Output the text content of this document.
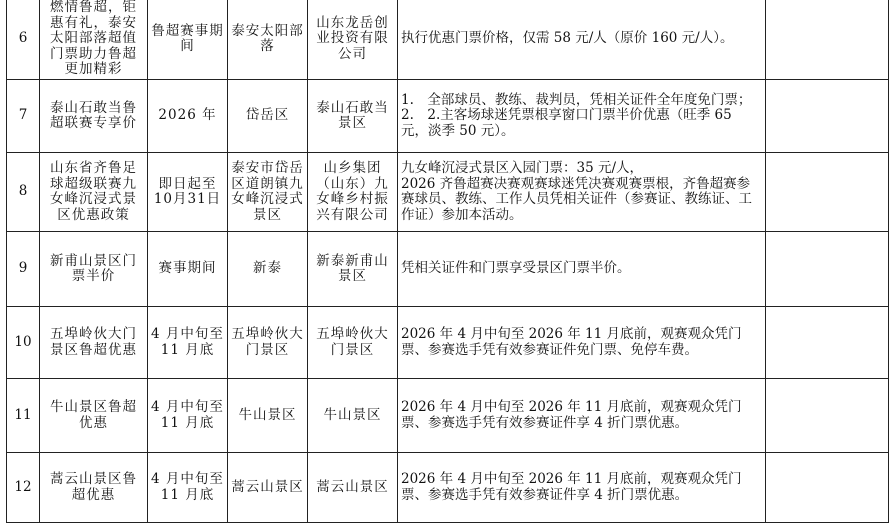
6	燃情鲁超，钜惠有礼，泰安太阳部落超值门票助力鲁超更加精彩	鲁超赛事期间	泰安太阳部落	山东龙岳创业投资有限公司	执行优惠门票价格，仅需 58 元/人（原价 160 元/人）。	

7	泰山石敢当鲁超联赛专享价	2026 年	岱岳区	泰山石敢当景区	1.　全部球员、教练、裁判员，凭相关证件全年度免门票；
2.　2.主客场球迷凭票根享窗口门票半价优惠（旺季 65 元，淡季 50 元）。	

8	山东省齐鲁足球超级联赛九女峰沉浸式景区优惠政策	即日起至 10月31日	泰安市岱岳区道朗镇九女峰沉浸式景区	山乡集团（山东）九女峰乡村振兴有限公司	九女峰沉浸式景区入园门票：35 元/人，
2026 齐鲁超赛决赛观赛球迷凭决赛观赛票根，齐鲁超赛参赛球员、教练、工作人员凭相关证件（参赛证、教练证、工作证）参加本活动。	

9	新甫山景区门票半价	赛事期间	新泰	新泰新甫山景区	凭相关证件和门票享受景区门票半价。	

10	五埠岭伙大门景区鲁超优惠	4 月中旬至 11 月底	五埠岭伙大门景区	五埠岭伙大门景区	2026 年 4 月中旬至 2026 年 11 月底前，观赛观众凭门票、参赛选手凭有效参赛证件免门票、免停车费。	

11	牛山景区鲁超优惠	4 月中旬至 11 月底	牛山景区	牛山景区	2026 年 4 月中旬至 2026 年 11 月底前，观赛观众凭门票、参赛选手凭有效参赛证件享 4 折门票优惠。	

12	蒿云山景区鲁超优惠	4 月中旬至 11 月底	蒿云山景区	蒿云山景区	2026 年 4 月中旬至 2026 年 11 月底前，观赛观众凭门票、参赛选手凭有效参赛证件享 4 折门票优惠。	
